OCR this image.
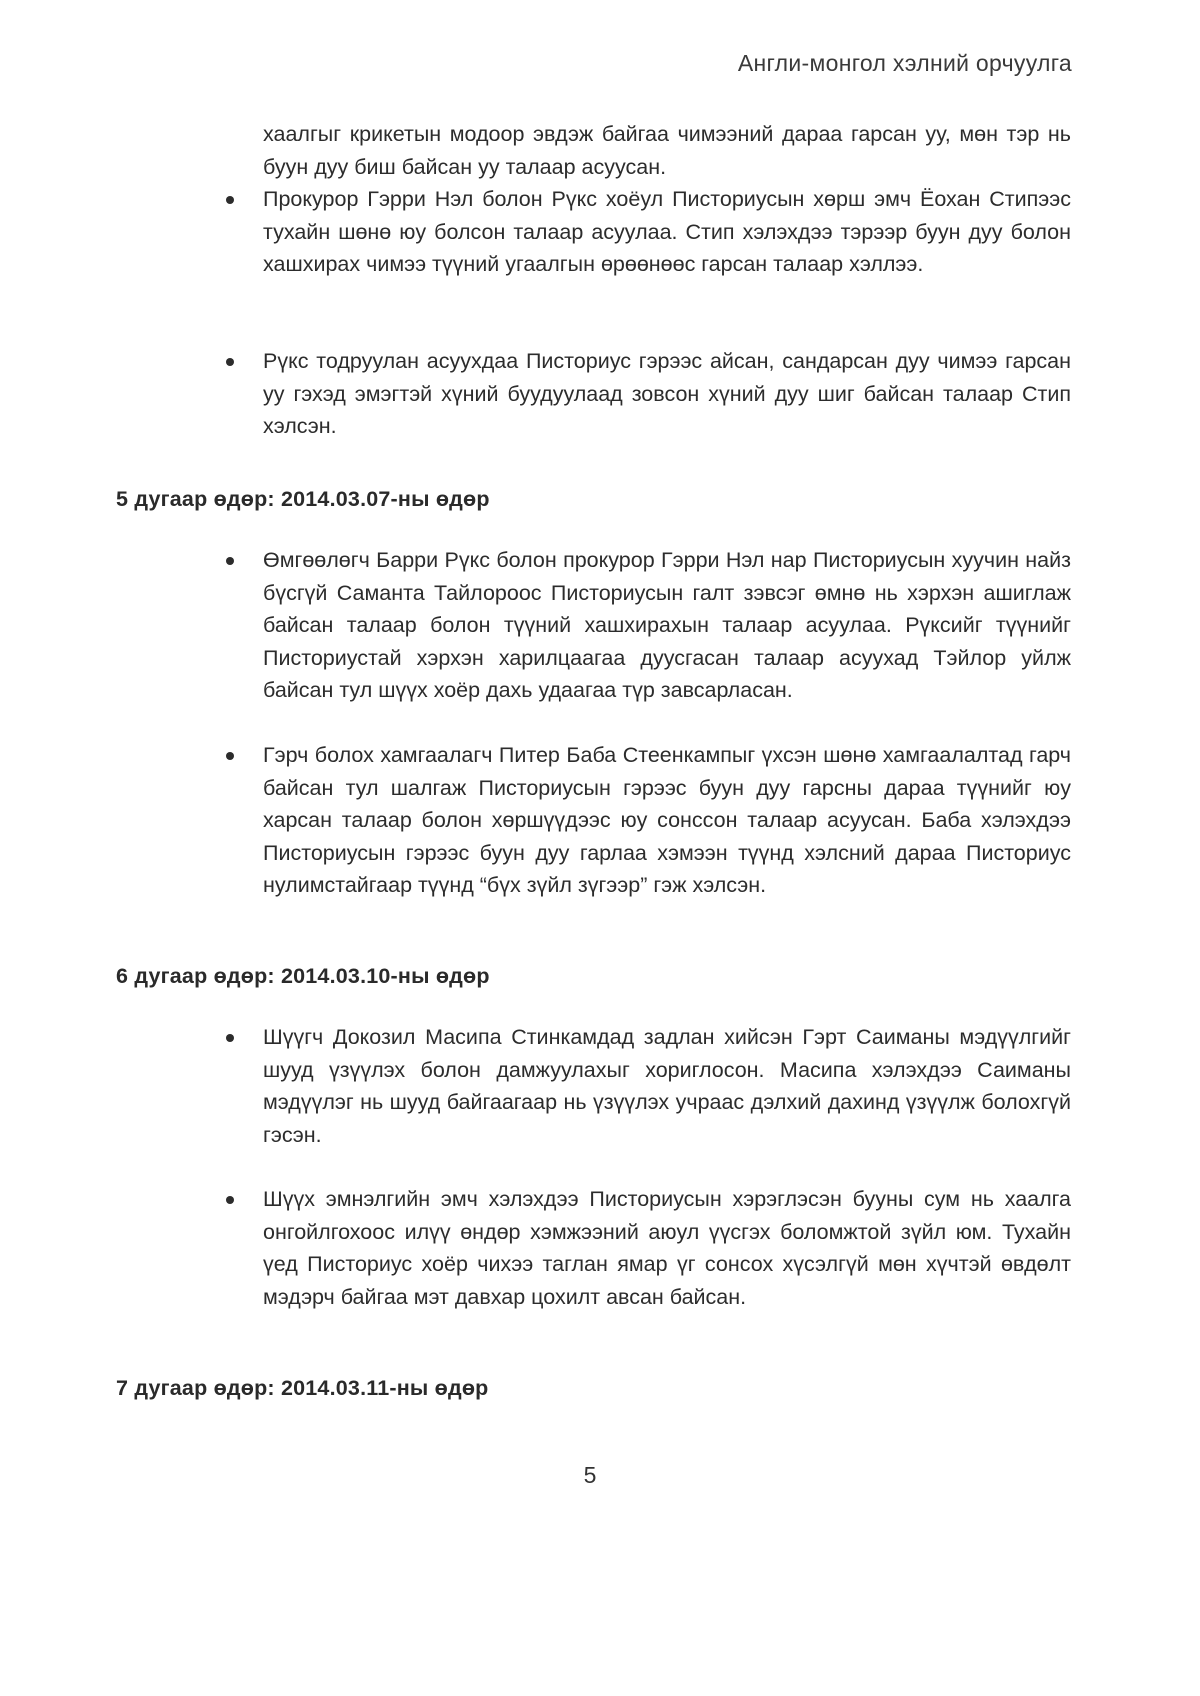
Англи-монгол хэлний орчуулга
хаалгыг крикетын модоор эвдэж байгаа чимээний дараа гарсан уу, мөн тэр нь буун дуу биш байсан уу талаар асуусан.
Прокурор Гэрри Нэл болон Рүкс хоёул Писториусын хөрш эмч Ёохан Стипээс тухайн шөнө юу болсон талаар асуулаа. Стип хэлэхдээ тэрээр буун дуу болон хашхирах чимээ түүний угаалгын өрөөнөөс гарсан талаар хэллээ.
Рүкс тодруулан асуухдаа Писториус гэрээс айсан, сандарсан дуу чимээ гарсан уу гэхэд эмэгтэй хүний буудуулаад зовсон хүний дуу шиг байсан талаар Стип хэлсэн.
5 дугаар өдөр: 2014.03.07-ны өдөр
Өмгөөлөгч Барри Рүкс болон прокурор Гэрри Нэл нар Писториусын хуучин найз бүсгүй Саманта Тайлороос Писториусын галт зэвсэг өмнө нь хэрхэн ашиглаж байсан талаар болон түүний хашхирахын талаар асуулаа. Рүксийг түүнийг Писториустай хэрхэн харилцаагаа дуусгасан талаар асуухад Тэйлор уйлж байсан тул шүүх хоёр дахь удаагаа түр завсарласан.
Гэрч болох хамгаалагч Питер Баба Стеенкампыг үхсэн шөнө хамгаалалтад гарч байсан тул шалгаж Писториусын гэрээс буун дуу гарсны дараа түүнийг юу харсан талаар болон хөршүүдээс юу сонссон талаар асуусан. Баба хэлэхдээ Писториусын гэрээс буун дуу гарлаа хэмээн түүнд хэлсний дараа Писториус нулимстайгаар түүнд “бүх зүйл зүгээр” гэж хэлсэн.
6 дугаар өдөр: 2014.03.10-ны өдөр
Шүүгч Докозил Масипа Стинкамдад задлан хийсэн Гэрт Саиманы мэдүүлгийг шууд үзүүлэх болон дамжуулахыг хориглосон. Масипа хэлэхдээ Саиманы мэдүүлэг нь шууд байгаагаар нь үзүүлэх учраас дэлхий дахинд үзүүлж болохгүй гэсэн.
Шүүх эмнэлгийн эмч хэлэхдээ Писториусын хэрэглэсэн бууны сум нь хаалга онгойлгохоос илүү өндөр хэмжээний аюул үүсгэх боломжтой зүйл юм. Тухайн үед Писториус хоёр чихээ таглан ямар үг сонсох хүсэлгүй мөн хүчтэй өвдөлт мэдэрч байгаа мэт давхар цохилт авсан байсан.
7 дугаар өдөр: 2014.03.11-ны өдөр
5
